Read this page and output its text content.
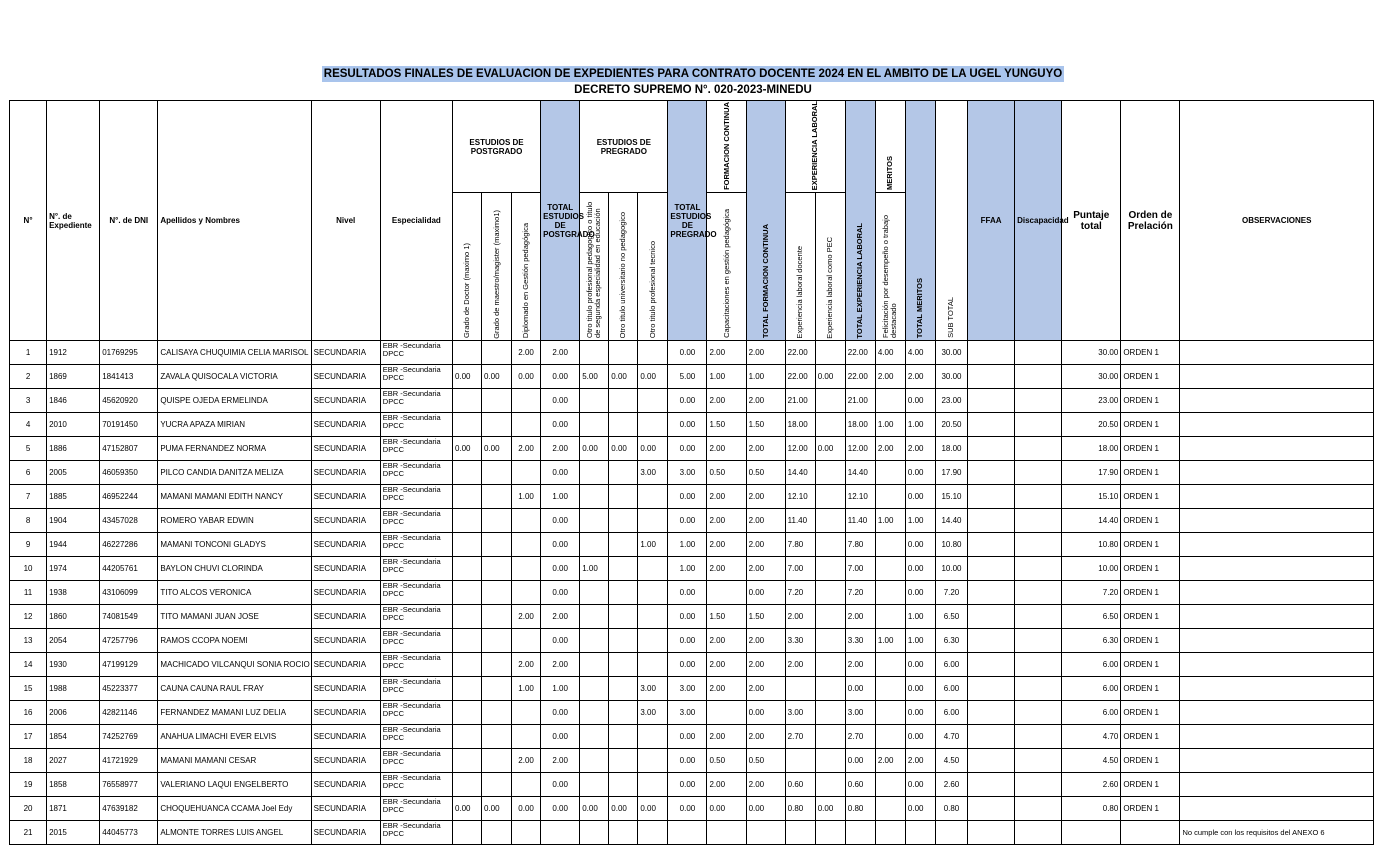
RESULTADOS FINALES DE EVALUACION DE EXPEDIENTES PARA CONTRATO DOCENTE 2024 EN EL AMBITO DE LA UGEL YUNGUYO
DECRETO SUPREMO N°. 020-2023-MINEDU
N°	N°. de Expediente	N°. de DNI	Apellidos y Nombres	Nivel	Especialidad	ESTUDIOS DE POSTGRADO			TOTAL ESTUDIOS DE POSTGRADO	ESTUDIOS DE PREGRADO			TOTAL ESTUDIOS DE PREGRADO	FORMACION CONTINUA	TOTAL FORMACION CONTINUA	EXPERIENCIA LABORAL		TOTAL EXPERIENCIA LABORAL	MERITOS	TOTAL MERITOS	SUB TOTAL	FFAA	Discapacidad	Puntaje total	Orden de Prelación	OBSERVACIONES
						Grado de Doctor (maximo 1)	Grado de maestro/magister (maximo1)	Diplomado en Gestión pedagógica		Otro titulo profesional pedagogico o titulo de segunda especialidad en educación	Otro titulo universitario no pedagogico	Otro titulo profesional tecnico		Capacitaciones en gestión pedagógica		Experiencia laboral docente	Experiencia laboral como PEC		Felicitación por desempeño o trabajo destacado							
1	1912	01769295	CALISAYA CHUQUIMIA CELIA MARISOL	SECUNDARIA	EBR -Secundaria DPCC			2.00	2.00				0.00	2.00	2.00	22.00		22.00	4.00	4.00	30.00			30.00	ORDEN 1	
2	1869	1841413	ZAVALA QUISOCALA VICTORIA	SECUNDARIA	EBR -Secundaria DPCC	0.00	0.00	0.00	0.00	5.00	0.00	0.00	5.00	1.00	1.00	22.00	0.00	22.00	2.00	2.00	30.00			30.00	ORDEN 1	
3	1846	45620920	QUISPE OJEDA ERMELINDA	SECUNDARIA	EBR -Secundaria DPCC				0.00				0.00	2.00	2.00	21.00		21.00		0.00	23.00			23.00	ORDEN 1	
4	2010	70191450	YUCRA APAZA MIRIAN	SECUNDARIA	EBR -Secundaria DPCC				0.00				0.00	1.50	1.50	18.00		18.00	1.00	1.00	20.50			20.50	ORDEN 1	
5	1886	47152807	PUMA FERNANDEZ NORMA	SECUNDARIA	EBR -Secundaria DPCC	0.00	0.00	2.00	2.00	0.00	0.00	0.00	0.00	2.00	2.00	12.00	0.00	12.00	2.00	2.00	18.00			18.00	ORDEN 1	
6	2005	46059350	PILCO CANDIA DANITZA MELIZA	SECUNDARIA	EBR -Secundaria DPCC				0.00			3.00	3.00	0.50	0.50	14.40		14.40		0.00	17.90			17.90	ORDEN 1	
7	1885	46952244	MAMANI MAMANI EDITH NANCY	SECUNDARIA	EBR -Secundaria DPCC			1.00	1.00				0.00	2.00	2.00	12.10		12.10		0.00	15.10			15.10	ORDEN 1	
8	1904	43457028	ROMERO YABAR EDWIN	SECUNDARIA	EBR -Secundaria DPCC				0.00				0.00	2.00	2.00	11.40		11.40	1.00	1.00	14.40			14.40	ORDEN 1	
9	1944	46227286	MAMANI TONCONI GLADYS	SECUNDARIA	EBR -Secundaria DPCC				0.00			1.00	1.00	2.00	2.00	7.80		7.80		0.00	10.80			10.80	ORDEN 1	
10	1974	44205761	BAYLON CHUVI CLORINDA	SECUNDARIA	EBR -Secundaria DPCC				0.00	1.00			1.00	2.00	2.00	7.00		7.00		0.00	10.00			10.00	ORDEN 1	
11	1938	43106099	TITO ALCOS VERONICA	SECUNDARIA	EBR -Secundaria DPCC				0.00				0.00		0.00	7.20		7.20		0.00	7.20			7.20	ORDEN 1	
12	1860	74081549	TITO MAMANI JUAN JOSE	SECUNDARIA	EBR -Secundaria DPCC			2.00	2.00				0.00	1.50	1.50	2.00		2.00		1.00	6.50			6.50	ORDEN 1	
13	2054	47257796	RAMOS CCOPA NOEMI	SECUNDARIA	EBR -Secundaria DPCC				0.00				0.00	2.00	2.00	3.30		3.30	1.00	1.00	6.30			6.30	ORDEN 1	
14	1930	47199129	MACHICADO VILCANQUI SONIA ROCIO	SECUNDARIA	EBR -Secundaria DPCC			2.00	2.00				0.00	2.00	2.00	2.00		2.00		0.00	6.00			6.00	ORDEN 1	
15	1988	45223377	CAUNA CAUNA RAUL FRAY	SECUNDARIA	EBR -Secundaria DPCC			1.00	1.00			3.00	3.00	2.00	2.00			0.00		0.00	6.00			6.00	ORDEN 1	
16	2006	42821146	FERNANDEZ MAMANI LUZ DELIA	SECUNDARIA	EBR -Secundaria DPCC				0.00			3.00	3.00		0.00	3.00		3.00		0.00	6.00			6.00	ORDEN 1	
17	1854	74252769	ANAHUA LIMACHI EVER ELVIS	SECUNDARIA	EBR -Secundaria DPCC				0.00				0.00	2.00	2.00	2.70		2.70		0.00	4.70			4.70	ORDEN 1	
18	2027	41721929	MAMANI MAMANI CESAR	SECUNDARIA	EBR -Secundaria DPCC			2.00	2.00				0.00	0.50	0.50			0.00	2.00	2.00	4.50			4.50	ORDEN 1	
19	1858	76558977	VALERIANO LAQUI ENGELBERTO	SECUNDARIA	EBR -Secundaria DPCC				0.00				0.00	2.00	2.00	0.60		0.60		0.00	2.60			2.60	ORDEN 1	
20	1871	47639182	CHOQUEHUANCA CCAMA Joel Edy	SECUNDARIA	EBR -Secundaria DPCC	0.00	0.00	0.00	0.00	0.00	0.00	0.00	0.00	0.00	0.00	0.80	0.00	0.80		0.00	0.80			0.80	ORDEN 1	
21	2015	44045773	ALMONTE TORRES LUIS ANGEL	SECUNDARIA	EBR -Secundaria DPCC																					No cumple con los requisitos del ANEXO 6
